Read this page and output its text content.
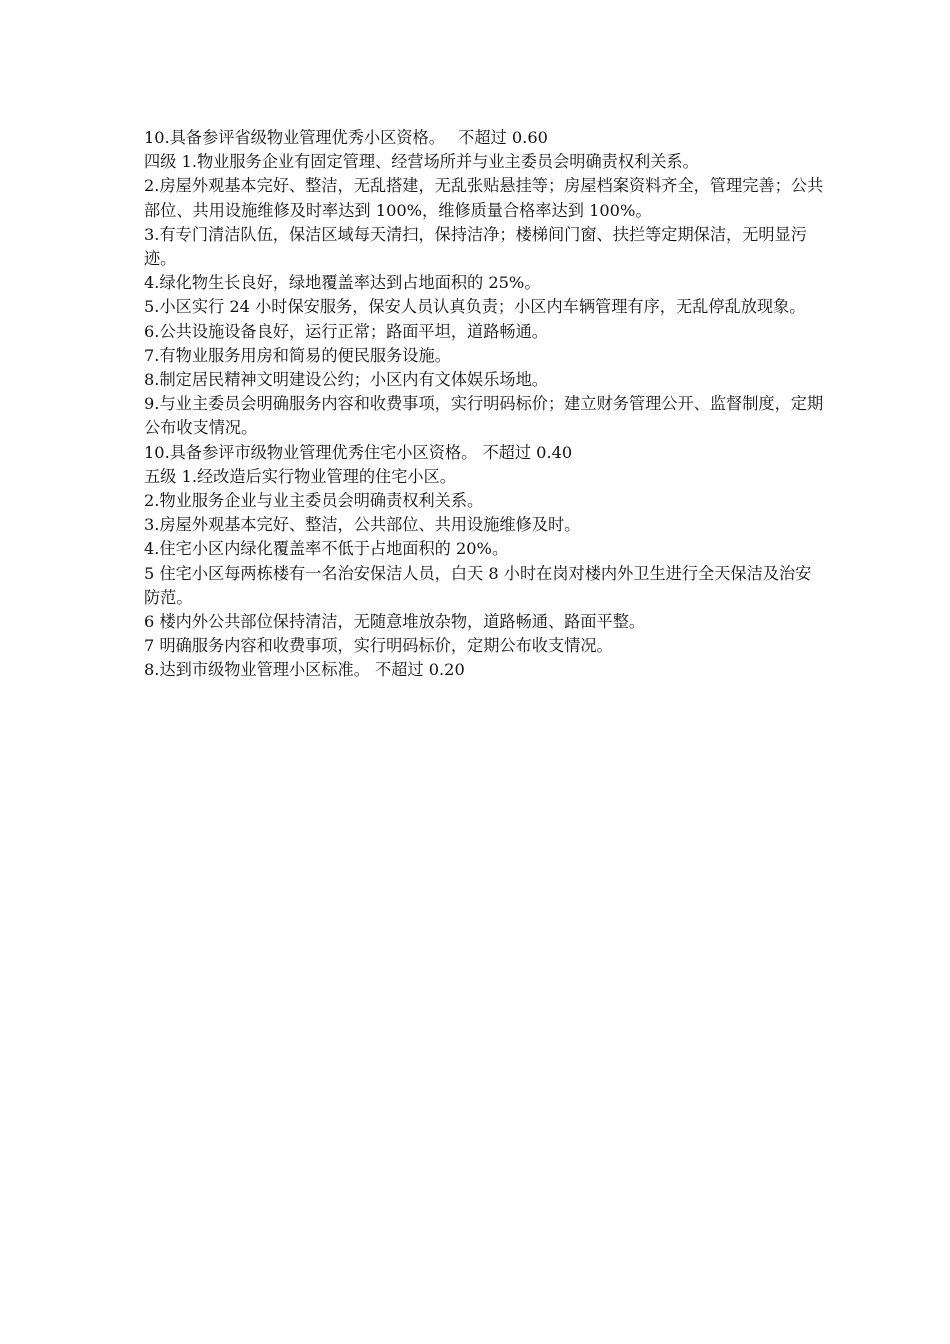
10.具备参评省级物业管理优秀小区资格。　 不超过 0.60

四级 1.物业服务企业有固定管理、经营场所并与业主委员会明确责权利关系。

2.房屋外观基本完好、整洁，无乱搭建，无乱张贴悬挂等；房屋档案资料齐全，管理完善；公共部位、共用设施维修及时率达到 100%，维修质量合格率达到 100%。

3.有专门清洁队伍，保洁区域每天清扫，保持洁净；楼梯间门窗、扶拦等定期保洁，无明显污迹。

4.绿化物生长良好，绿地覆盖率达到占地面积的 25%。

5.小区实行 24 小时保安服务，保安人员认真负责；小区内车辆管理有序，无乱停乱放现象。

6.公共设施设备良好，运行正常；路面平坦，道路畅通。

7.有物业服务用房和简易的便民服务设施。

8.制定居民精神文明建设公约；小区内有文体娱乐场地。

9.与业主委员会明确服务内容和收费事项，实行明码标价；建立财务管理公开、监督制度，定期公布收支情况。

10.具备参评市级物业管理优秀住宅小区资格。 不超过 0.40

五级 1.经改造后实行物业管理的住宅小区。

2.物业服务企业与业主委员会明确责权利关系。

3.房屋外观基本完好、整洁，公共部位、共用设施维修及时。

4.住宅小区内绿化覆盖率不低于占地面积的 20%。

5 住宅小区每两栋楼有一名治安保洁人员，白天 8 小时在岗对楼内外卫生进行全天保洁及治安防范。

6 楼内外公共部位保持清洁，无随意堆放杂物，道路畅通、路面平整。

7 明确服务内容和收费事项，实行明码标价，定期公布收支情况。

8.达到市级物业管理小区标准。 不超过 0.20
